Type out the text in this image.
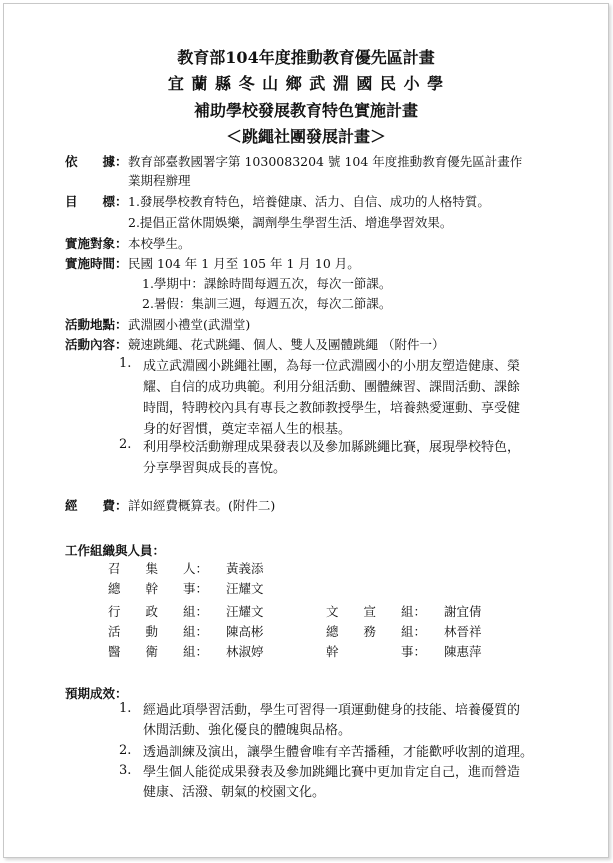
教育部104年度推動教育優先區計畫
宜 蘭 縣 冬 山 鄉 武 淵 國 民 小 學
補助學校發展教育特色實施計畫
＜跳繩社團發展計畫＞
依　　據： 教育部臺教國署字第 1030083204 號 104 年度推動教育優先區計畫作
業期程辦理
目　　標： 1.發展學校教育特色，培養健康、活力、自信、成功的人格特質。
2.提倡正當休閒娛樂，調劑學生學習生活、增進學習效果。
實施對象： 本校學生。
實施時間： 民國 104 年 1 月至 105 年 1 月 10 月。
1.學期中：課餘時間每週五次，每次一節課。
2.暑假：集訓三週，每週五次，每次二節課。
活動地點： 武淵國小禮堂(武淵堂)
活動內容： 競速跳繩、花式跳繩、個人、雙人及團體跳繩 （附件一）
1. 成立武淵國小跳繩社團，為每一位武淵國小的小朋友塑造健康、榮
耀、自信的成功典範。利用分組活動、團體練習、課間活動、課餘
時間，特聘校內具有專長之教師教授學生，培養熱愛運動、享受健
身的好習慣，奠定幸福人生的根基。
2. 利用學校活動辦理成果發表以及參加縣跳繩比賽，展現學校特色，
分享學習與成長的喜悅。
經　　費： 詳如經費概算表。(附件二)
工作組織與人員：
召　　集　　人： 黃義添
總　　幹　　事： 汪耀文
行　　政　　組： 汪耀文	文　　宣　　組： 謝宜倩
活　　動　　組： 陳高彬	總　　務　　組： 林晉祥
醫　　衛　　組： 林淑婷	幹　　　　　事： 陳惠萍
預期成效：
1. 經過此項學習活動，學生可習得一項運動健身的技能、培養優質的
休閒活動、強化優良的體魄與品格。
2. 透過訓練及演出，讓學生體會唯有辛苦播種，才能歡呼收割的道理。
3. 學生個人能從成果發表及參加跳繩比賽中更加肯定自己，進而營造
健康、活潑、朝氣的校園文化。
